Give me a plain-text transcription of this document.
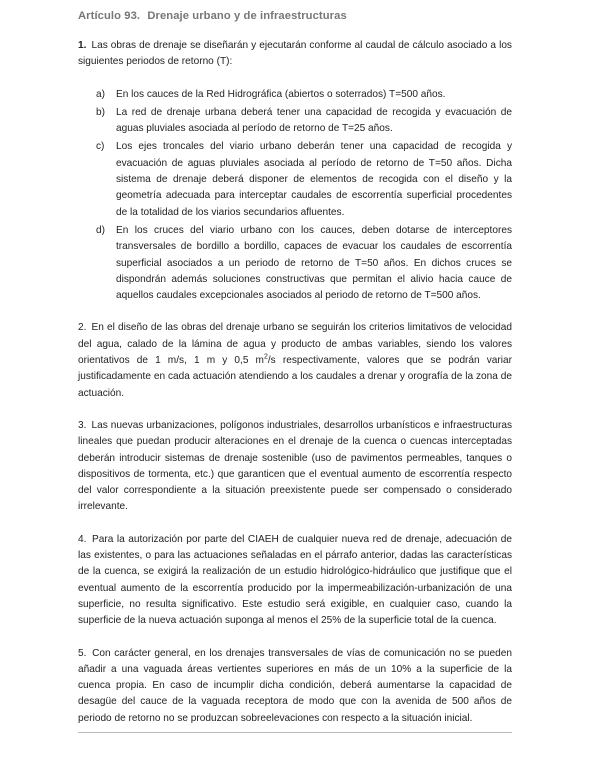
Artículo 93. Drenaje urbano y de infraestructuras

1. Las obras de drenaje se diseñarán y ejecutarán conforme al caudal de cálculo asociado a los siguientes periodos de retorno (T):

a) En los cauces de la Red Hidrográfica (abiertos o soterrados) T=500 años.
b) La red de drenaje urbana deberá tener una capacidad de recogida y evacuación de aguas pluviales asociada al período de retorno de T=25 años.
c) Los ejes troncales del viario urbano deberán tener una capacidad de recogida y evacuación de aguas pluviales asociada al período de retorno de T=50 años. Dicha sistema de drenaje deberá disponer de elementos de recogida con el diseño y la geometría adecuada para interceptar caudales de escorrentía superficial procedentes de la totalidad de los viarios secundarios afluentes.
d) En los cruces del viario urbano con los cauces, deben dotarse de interceptores transversales de bordillo a bordillo, capaces de evacuar los caudales de escorrentía superficial asociados a un periodo de retorno de T=50 años. En dichos cruces se dispondrán además soluciones constructivas que permitan el alivio hacia cauce de aquellos caudales excepcionales asociados al periodo de retorno de T=500 años.

2. En el diseño de las obras del drenaje urbano se seguirán los criterios limitativos de velocidad del agua, calado de la lámina de agua y producto de ambas variables, siendo los valores orientativos de 1 m/s, 1 m y 0,5 $m^2/s$ respectivamente, valores que se podrán variar justificadamente en cada actuación atendiendo a los caudales a drenar y orografía de la zona de actuación.

3. Las nuevas urbanizaciones, polígonos industriales, desarrollos urbanísticos e infraestructuras lineales que puedan producir alteraciones en el drenaje de la cuenca o cuencas interceptadas deberán introducir sistemas de drenaje sostenible (uso de pavimentos permeables, tanques o dispositivos de tormenta, etc.) que garanticen que el eventual aumento de escorrentía respecto del valor correspondiente a la situación preexistente puede ser compensado o considerado irrelevante.

4. Para la autorización por parte del CIAEH de cualquier nueva red de drenaje, adecuación de las existentes, o para las actuaciones señaladas en el párrafo anterior, dadas las características de la cuenca, se exigirá la realización de un estudio hidrológico-hidráulico que justifique que el eventual aumento de la escorrentía producido por la impermeabilización-urbanización de una superficie, no resulta significativo. Este estudio será exigible, en cualquier caso, cuando la superficie de la nueva actuación suponga al menos el 25% de la superficie total de la cuenca.

5. Con carácter general, en los drenajes transversales de vías de comunicación no se pueden añadir a una vaguada áreas vertientes superiores en más de un 10% a la superficie de la cuenca propia. En caso de incumplir dicha condición, deberá aumentarse la capacidad de desagüe del cauce de la vaguada receptora de modo que con la avenida de 500 años de periodo de retorno no se produzcan sobreelevaciones con respecto a la situación inicial.
